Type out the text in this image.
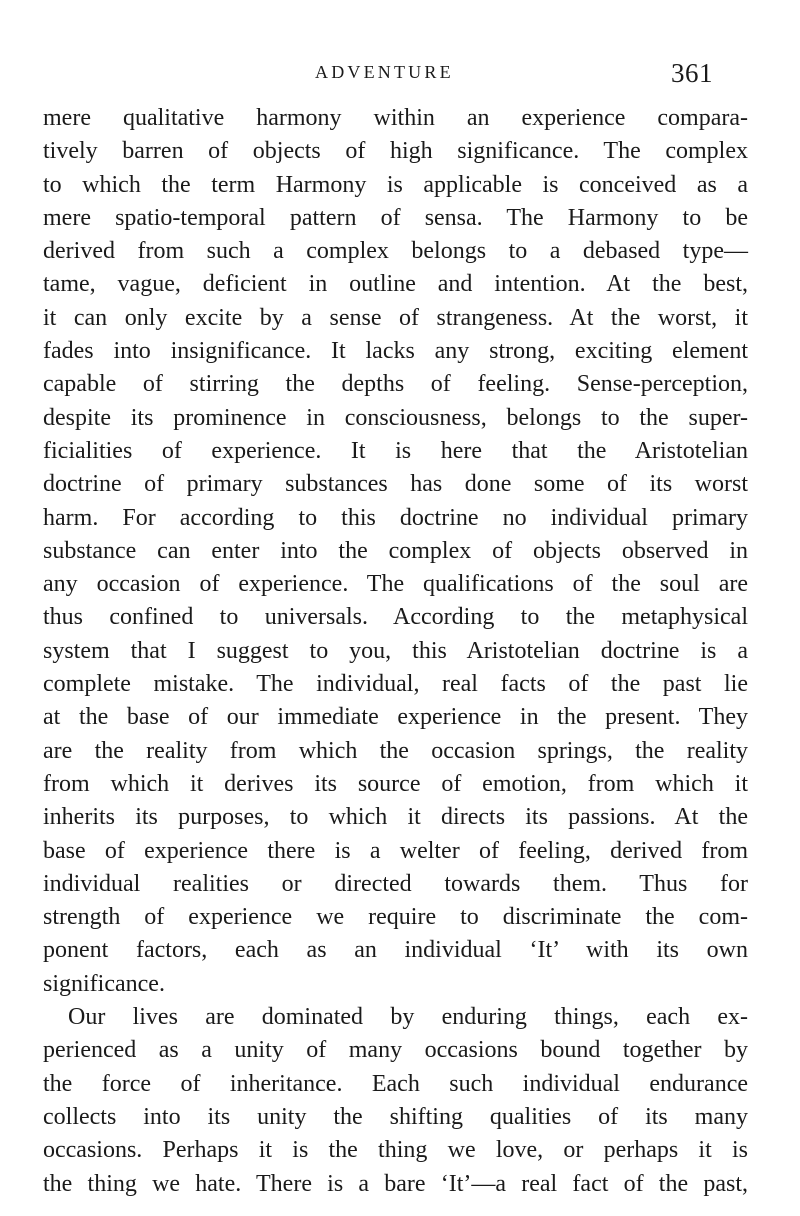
ADVENTURE	361
mere qualitative harmony within an experience compara-
tively barren of objects of high significance. The complex
to which the term Harmony is applicable is conceived as a
mere spatio-temporal pattern of sensa. The Harmony to be
derived from such a complex belongs to a debased type—
tame, vague, deficient in outline and intention. At the best,
it can only excite by a sense of strangeness. At the worst, it
fades into insignificance. It lacks any strong, exciting element
capable of stirring the depths of feeling. Sense-perception,
despite its prominence in consciousness, belongs to the super-
ficialities of experience. It is here that the Aristotelian
doctrine of primary substances has done some of its worst
harm. For according to this doctrine no individual primary
substance can enter into the complex of objects observed in
any occasion of experience. The qualifications of the soul are
thus confined to universals. According to the metaphysical
system that I suggest to you, this Aristotelian doctrine is a
complete mistake. The individual, real facts of the past lie
at the base of our immediate experience in the present. They
are the reality from which the occasion springs, the reality
from which it derives its source of emotion, from which it
inherits its purposes, to which it directs its passions. At the
base of experience there is a welter of feeling, derived from
individual realities or directed towards them. Thus for
strength of experience we require to discriminate the com-
ponent factors, each as an individual ‘It’ with its own
significance.
Our lives are dominated by enduring things, each ex-
perienced as a unity of many occasions bound together by
the force of inheritance. Each such individual endurance
collects into its unity the shifting qualities of its many
occasions. Perhaps it is the thing we love, or perhaps it is
the thing we hate. There is a bare ‘It’—a real fact of the past,
